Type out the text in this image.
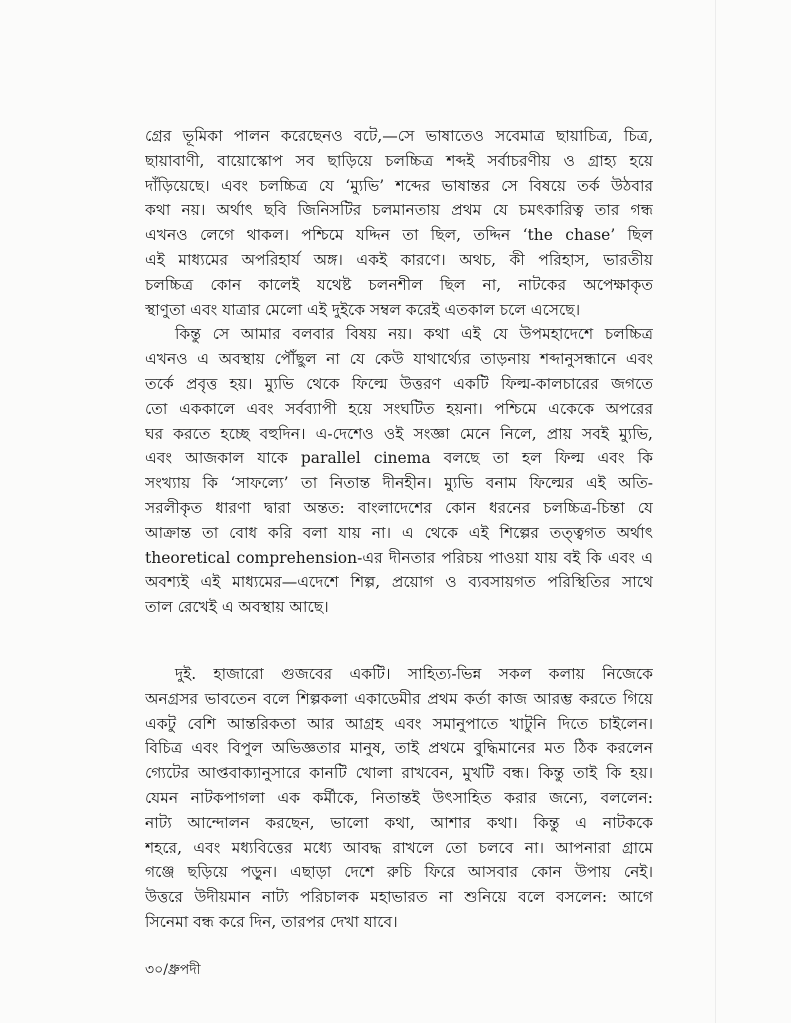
গ্রের ভূমিকা পালন করেছেনও বটে,—সে ভাষাতেও সবেমাত্র ছায়াচিত্র, চিত্র,
ছায়াবাণী, বায়োস্কোপ সব ছাড়িয়ে চলচ্চিত্র শব্দই সর্বাচরণীয় ও গ্রাহ্য হয়ে
দাঁড়িয়েছে। এবং চলচ্চিত্র যে ‘ম্যুভি’ শব্দের ভাষান্তর সে বিষয়ে তর্ক উঠবার
কথা নয়। অর্থাৎ ছবি জিনিসটির চলমানতায় প্রথম যে চমৎকারিত্ব তার গন্ধ
এখনও লেগে থাকল। পশ্চিমে যদ্দিন তা ছিল, তদ্দিন ‘the chase’ ছিল
এই মাধ্যমের অপরিহার্য অঙ্গ। একই কারণে। অথচ, কী পরিহাস, ভারতীয়
চলচ্চিত্র কোন কালেই যথেষ্ট চলনশীল ছিল না, নাটকের অপেক্ষাকৃত
স্থাণুতা এবং যাত্রার মেলো এই দুইকে সম্বল করেই এতকাল চলে এসেছে।
কিন্তু সে আমার বলবার বিষয় নয়। কথা এই যে উপমহাদেশে চলচ্চিত্র
এখনও এ অবস্থায় পৌঁছুল না যে কেউ যাথার্থ্যের তাড়নায় শব্দানুসন্ধানে এবং
তর্কে প্রবৃত্ত হয়। ম্যুভি থেকে ফিল্মে উত্তরণ একটি ফিল্ম-কালচারের জগতে
তো এককালে এবং সর্বব্যাপী হয়ে সংঘটিত হয়না। পশ্চিমে একেকে অপরের
ঘর করতে হচ্ছে বহুদিন। এ-দেশেও ওই সংজ্ঞা মেনে নিলে, প্রায় সবই ম্যুভি,
এবং আজকাল যাকে parallel cinema বলছে তা হল ফিল্ম এবং কি
সংখ্যায় কি ‘সাফল্যে’ তা নিতান্ত দীনহীন। ম্যুভি বনাম ফিল্মের এই অতি-
সরলীকৃত ধারণা দ্বারা অন্তত: বাংলাদেশের কোন ধরনের চলচ্চিত্র-চিন্তা যে
আক্রান্ত তা বোধ করি বলা যায় না। এ থেকে এই শিল্পের তত্ত্বগত অর্থাৎ
theoretical comprehension-এর দীনতার পরিচয় পাওয়া যায় বই কি এবং এ
অবশ্যই এই মাধ্যমের—এদেশে শিল্প, প্রয়োগ ও ব্যবসায়গত পরিস্থিতির সাথে
তাল রেখেই এ অবস্থায় আছে।
দুই. হাজারো গুজবের একটি। সাহিত্য-ভিন্ন সকল কলায় নিজেকে
অনগ্রসর ভাবতেন বলে শিল্পকলা একাডেমীর প্রথম কর্তা কাজ আরম্ভ করতে গিয়ে
একটু বেশি আন্তরিকতা আর আগ্রহ এবং সমানুপাতে খাটুনি দিতে চাইলেন।
বিচিত্র এবং বিপুল অভিজ্ঞতার মানুষ, তাই প্রথমে বুদ্ধিমানের মত ঠিক করলেন
গ্যেটের আপ্তবাক্যানুসারে কানটি খোলা রাখবেন, মুখটি বন্ধ। কিন্তু তাই কি হয়।
যেমন নাটকপাগলা এক কর্মীকে, নিতান্তই উৎসাহিত করার জন্যে, বললেন:
নাট্য আন্দোলন করছেন, ভালো কথা, আশার কথা। কিন্তু এ নাটককে
শহরে, এবং মধ্যবিত্তের মধ্যে আবদ্ধ রাখলে তো চলবে না। আপনারা গ্রামে
গঞ্জে ছড়িয়ে পড়ুন। এছাড়া দেশে রুচি ফিরে আসবার কোন উপায় নেই।
উত্তরে উদীয়মান নাট্য পরিচালক মহাভারত না শুনিয়ে বলে বসলেন: আগে
সিনেমা বন্ধ করে দিন, তারপর দেখা যাবে।
৩০/ধ্রুপদী
